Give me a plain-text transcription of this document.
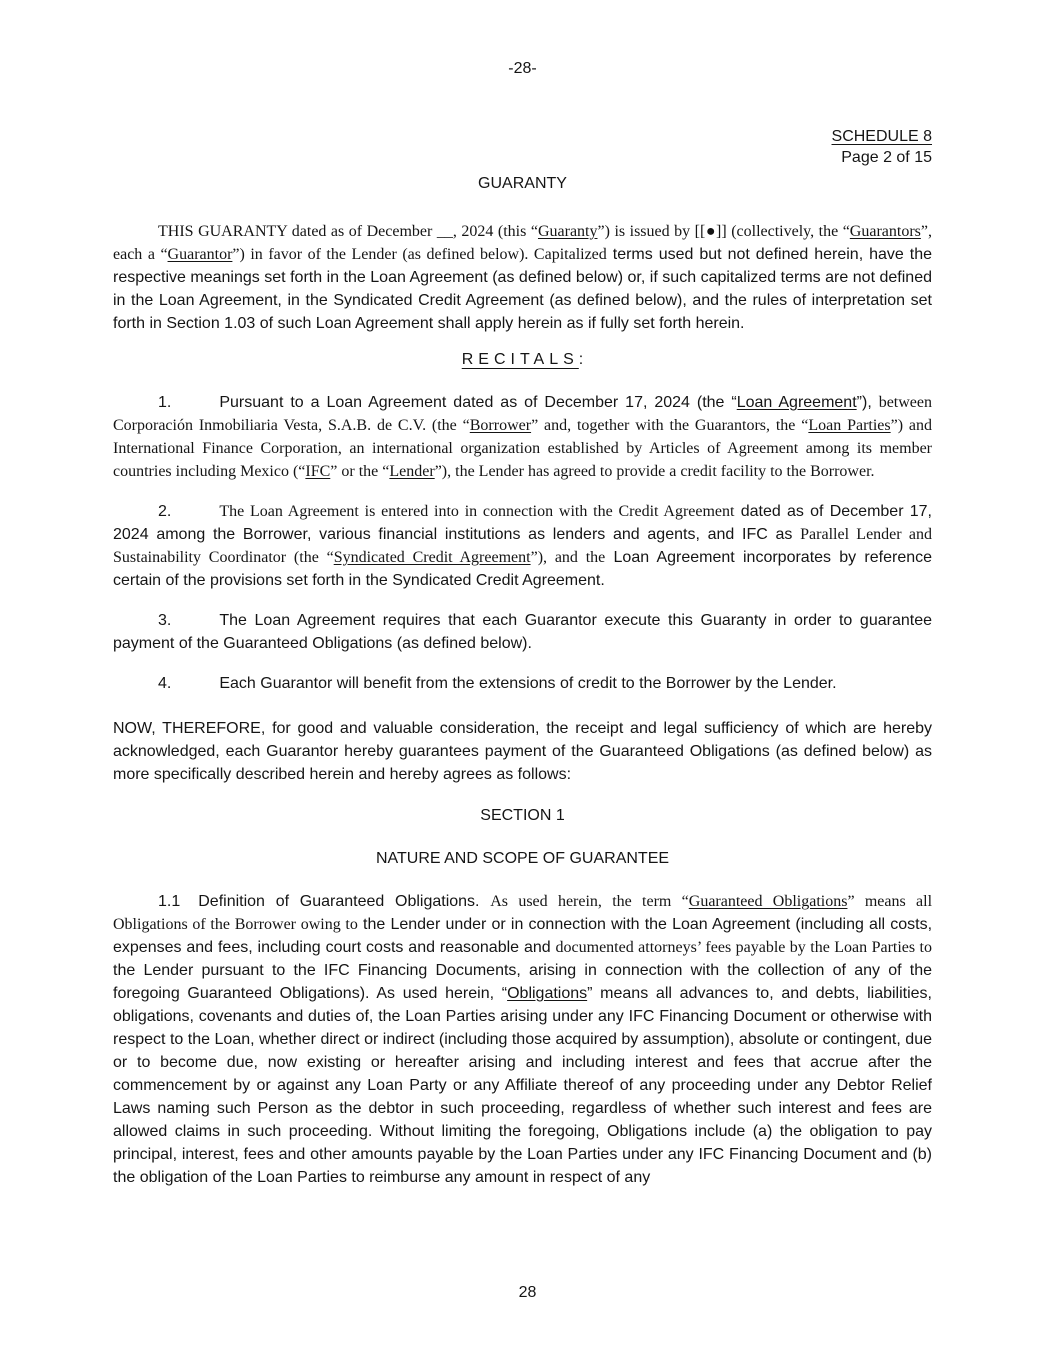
-28-

SCHEDULE 8
Page 2 of 15

GUARANTY

THIS GUARANTY dated as of December __, 2024 (this “Guaranty”) is issued by [[●]] (collectively, the “Guarantors”, each a “Guarantor”) in favor of the Lender (as defined below). Capitalized terms used but not defined herein, have the respective meanings set forth in the Loan Agreement (as defined below) or, if such capitalized terms are not defined in the Loan Agreement, in the Syndicated Credit Agreement (as defined below), and the rules of interpretation set forth in Section 1.03 of such Loan Agreement shall apply herein as if fully set forth herein.

RECITALS:

1.	Pursuant to a Loan Agreement dated as of December 17, 2024 (the “Loan Agreement”), between Corporación Inmobiliaria Vesta, S.A.B. de C.V. (the “Borrower” and, together with the Guarantors, the “Loan Parties”) and International Finance Corporation, an international organization established by Articles of Agreement among its member countries including Mexico (“IFC” or the “Lender”), the Lender has agreed to provide a credit facility to the Borrower.

2.	The Loan Agreement is entered into in connection with the Credit Agreement dated as of December 17, 2024 among the Borrower, various financial institutions as lenders and agents, and IFC as Parallel Lender and Sustainability Coordinator (the “Syndicated Credit Agreement”), and the Loan Agreement incorporates by reference certain of the provisions set forth in the Syndicated Credit Agreement.

3.	The Loan Agreement requires that each Guarantor execute this Guaranty in order to guarantee payment of the Guaranteed Obligations (as defined below).

4.	Each Guarantor will benefit from the extensions of credit to the Borrower by the Lender.

NOW, THEREFORE, for good and valuable consideration, the receipt and legal sufficiency of which are hereby acknowledged, each Guarantor hereby guarantees payment of the Guaranteed Obligations (as defined below) as more specifically described herein and hereby agrees as follows:

SECTION 1

NATURE AND SCOPE OF GUARANTEE

1.1 Definition of Guaranteed Obligations. As used herein, the term “Guaranteed Obligations” means all Obligations of the Borrower owing to the Lender under or in connection with the Loan Agreement (including all costs, expenses and fees, including court costs and reasonable and documented attorneys’ fees payable by the Loan Parties to the Lender pursuant to the IFC Financing Documents, arising in connection with the collection of any of the foregoing Guaranteed Obligations). As used herein, “Obligations” means all advances to, and debts, liabilities, obligations, covenants and duties of, the Loan Parties arising under any IFC Financing Document or otherwise with respect to the Loan, whether direct or indirect (including those acquired by assumption), absolute or contingent, due or to become due, now existing or hereafter arising and including interest and fees that accrue after the commencement by or against any Loan Party or any Affiliate thereof of any proceeding under any Debtor Relief Laws naming such Person as the debtor in such proceeding, regardless of whether such interest and fees are allowed claims in such proceeding. Without limiting the foregoing, Obligations include (a) the obligation to pay principal, interest, fees and other amounts payable by the Loan Parties under any IFC Financing Document and (b) the obligation of the Loan Parties to reimburse any amount in respect of any

28
